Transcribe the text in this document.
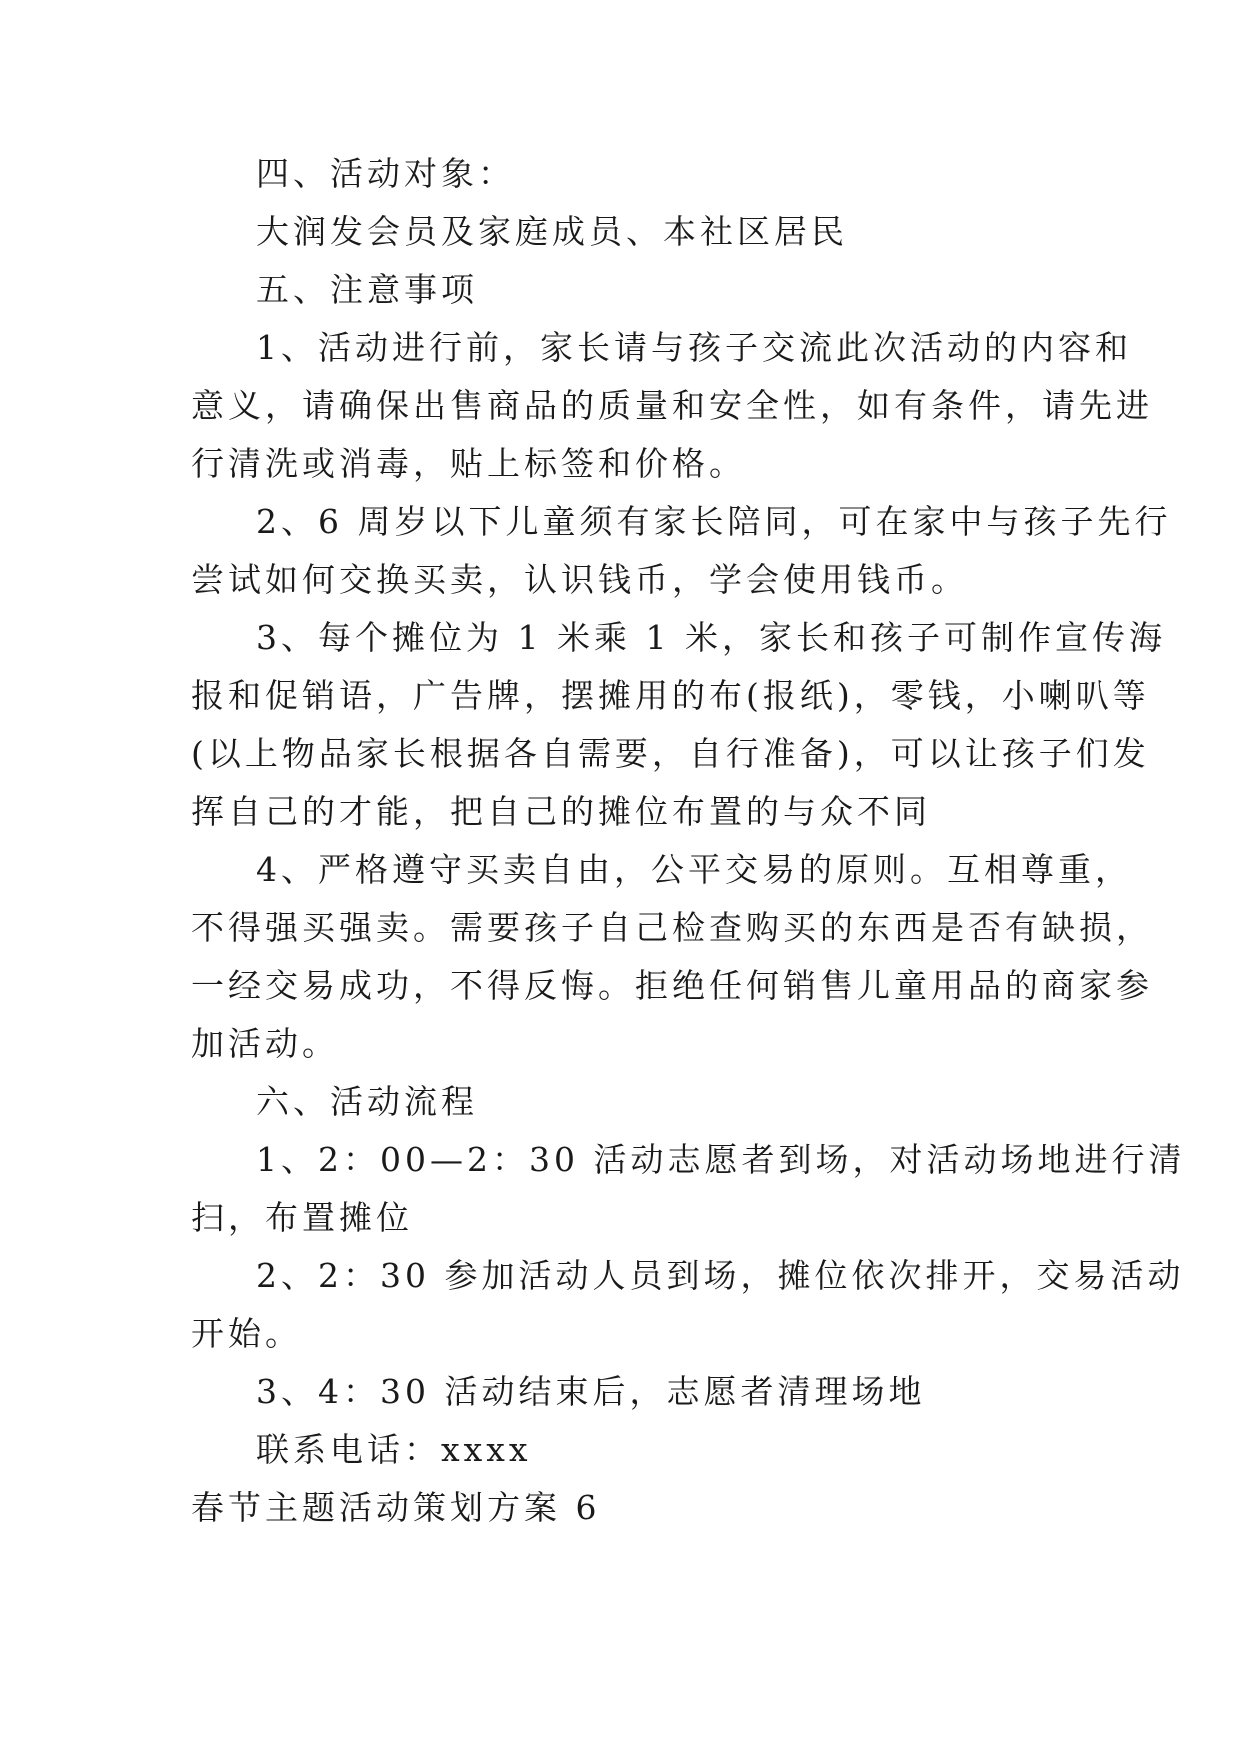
四、活动对象：
大润发会员及家庭成员、本社区居民
五、注意事项
1、活动进行前，家长请与孩子交流此次活动的内容和
意义，请确保出售商品的质量和安全性，如有条件，请先进
行清洗或消毒，贴上标签和价格。
2、6 周岁以下儿童须有家长陪同，可在家中与孩子先行
尝试如何交换买卖，认识钱币，学会使用钱币。
3、每个摊位为 1 米乘 1 米，家长和孩子可制作宣传海
报和促销语，广告牌，摆摊用的布(报纸)，零钱，小喇叭等
(以上物品家长根据各自需要，自行准备)，可以让孩子们发
挥自己的才能，把自己的摊位布置的与众不同
4、严格遵守买卖自由，公平交易的原则。互相尊重，
不得强买强卖。需要孩子自己检查购买的东西是否有缺损，
一经交易成功，不得反悔。拒绝任何销售儿童用品的商家参
加活动。
六、活动流程
1、2：00—2：30 活动志愿者到场，对活动场地进行清
扫，布置摊位
2、2：30 参加活动人员到场，摊位依次排开，交易活动
开始。
3、4：30 活动结束后，志愿者清理场地
联系电话：xxxx
春节主题活动策划方案 6
